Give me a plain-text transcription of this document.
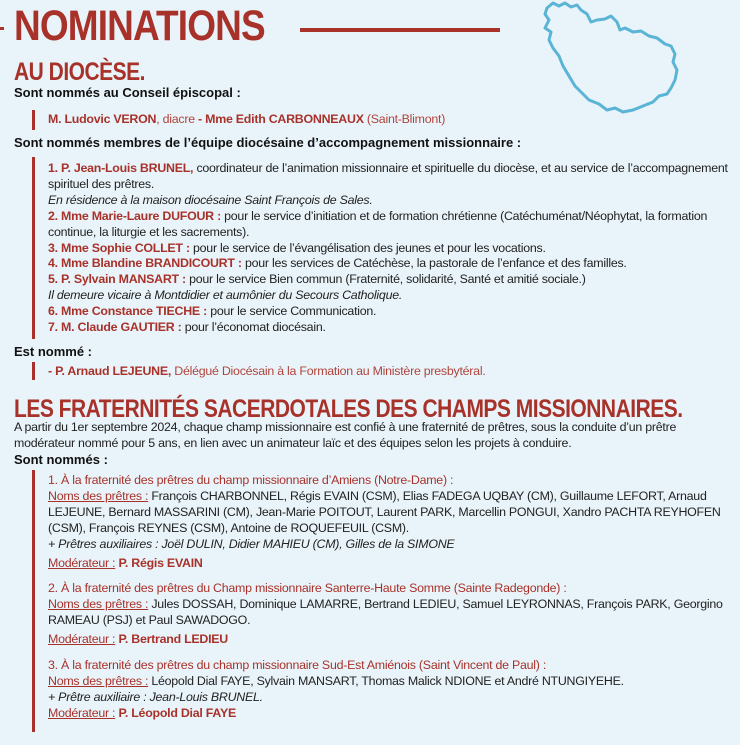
NOMINATIONS
AU DIOCÈSE.
Sont nommés au Conseil épiscopal :
M. Ludovic VERON, diacre - Mme Edith CARBONNEAUX (Saint-Blimont)
Sont nommés membres de l’équipe diocésaine d’accompagnement missionnaire :
1. P. Jean-Louis BRUNEL, coordinateur de l’animation missionnaire et spirituelle du diocèse, et au service de l’accompagnement spirituel des prêtres.
En résidence à la maison diocésaine Saint François de Sales.
2. Mme Marie-Laure DUFOUR : pour le service d’initiation et de formation chrétienne (Catéchuménat/Néophytat, la formation continue, la liturgie et les sacrements).
3. Mme Sophie COLLET : pour le service de l’évangélisation des jeunes et pour les vocations.
4. Mme Blandine BRANDICOURT : pour les services de Catéchèse, la pastorale de l’enfance et des familles.
5. P. Sylvain MANSART : pour le service Bien commun (Fraternité, solidarité, Santé et amitié sociale.)
Il demeure vicaire à Montdidier et aumônier du Secours Catholique.
6. Mme Constance TIECHE : pour le service Communication.
7. M. Claude GAUTIER : pour l’économat diocésain.
Est nommé :
- P. Arnaud LEJEUNE, Délégué Diocésain à la Formation au Ministère presbytéral.
LES FRATERNITÉS SACERDOTALES DES CHAMPS MISSIONNAIRES.
A partir du 1er septembre 2024, chaque champ missionnaire est confié à une fraternité de prêtres, sous la conduite d’un prêtre modérateur nommé pour 5 ans, en lien avec un animateur laïc et des équipes selon les projets à conduire.
Sont nommés :
1. À la fraternité des prêtres du champ missionnaire d’Amiens (Notre-Dame) :
Noms des prêtres : François CHARBONNEL, Régis EVAIN (CSM), Elias FADEGA UQBAY (CM), Guillaume LEFORT, Arnaud LEJEUNE, Bernard MASSARINI (CM), Jean-Marie POITOUT, Laurent PARK, Marcellin PONGUI, Xandro PACHTA REYHOFEN (CSM), François REYNES (CSM), Antoine de ROQUEFEUIL (CSM).
+ Prêtres auxiliaires : Joël DULIN, Didier MAHIEU (CM), Gilles de la SIMONE
Modérateur : P. Régis EVAIN
2. À la fraternité des prêtres du Champ missionnaire Santerre-Haute Somme (Sainte Radegonde) :
Noms des prêtres : Jules DOSSAH, Dominique LAMARRE, Bertrand LEDIEU, Samuel LEYRONNAS, François PARK, Georgino RAMEAU (PSJ) et Paul SAWADOGO.
Modérateur : P. Bertrand LEDIEU
3. À la fraternité des prêtres du champ missionnaire Sud-Est Amiénois (Saint Vincent de Paul) :
Noms des prêtres : Léopold Dial FAYE, Sylvain MANSART, Thomas Malick NDIONE et André NTUNGIYEHE.
+ Prêtre auxiliaire : Jean-Louis BRUNEL.
Modérateur : P. Léopold Dial FAYE
